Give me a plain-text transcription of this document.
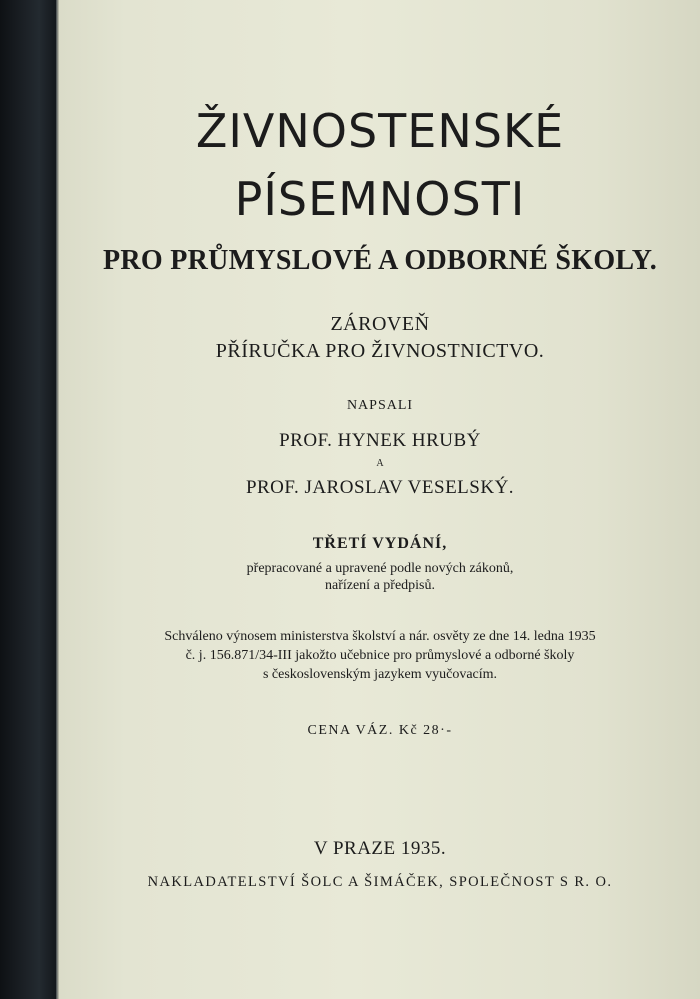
ŽIVNOSTENSKÉ
PÍSEMNOSTI
PRO PRŮMYSLOVÉ A ODBORNÉ ŠKOLY.
ZÁROVEŇ
PŘÍRUČKA PRO ŽIVNOSTNICTVO.
NAPSALI
PROF. HYNEK HRUBÝ
A
PROF. JAROSLAV VESELSKÝ.
TŘETÍ VYDÁNÍ,
přepracované a upravené podle nových zákonů,
nařízení a předpisů.
Schváleno výnosem ministerstva školství a nár. osvěty ze dne 14. ledna 1935
č. j. 156.871/34-III jakožto učebnice pro průmyslové a odborné školy
s československým jazykem vyučovacím.
CENA VÁZ. Kč 28·-
V PRAZE 1935.
NAKLADATELSTVÍ ŠOLC A ŠIMÁČEK, SPOLEČNOST S R. O.
